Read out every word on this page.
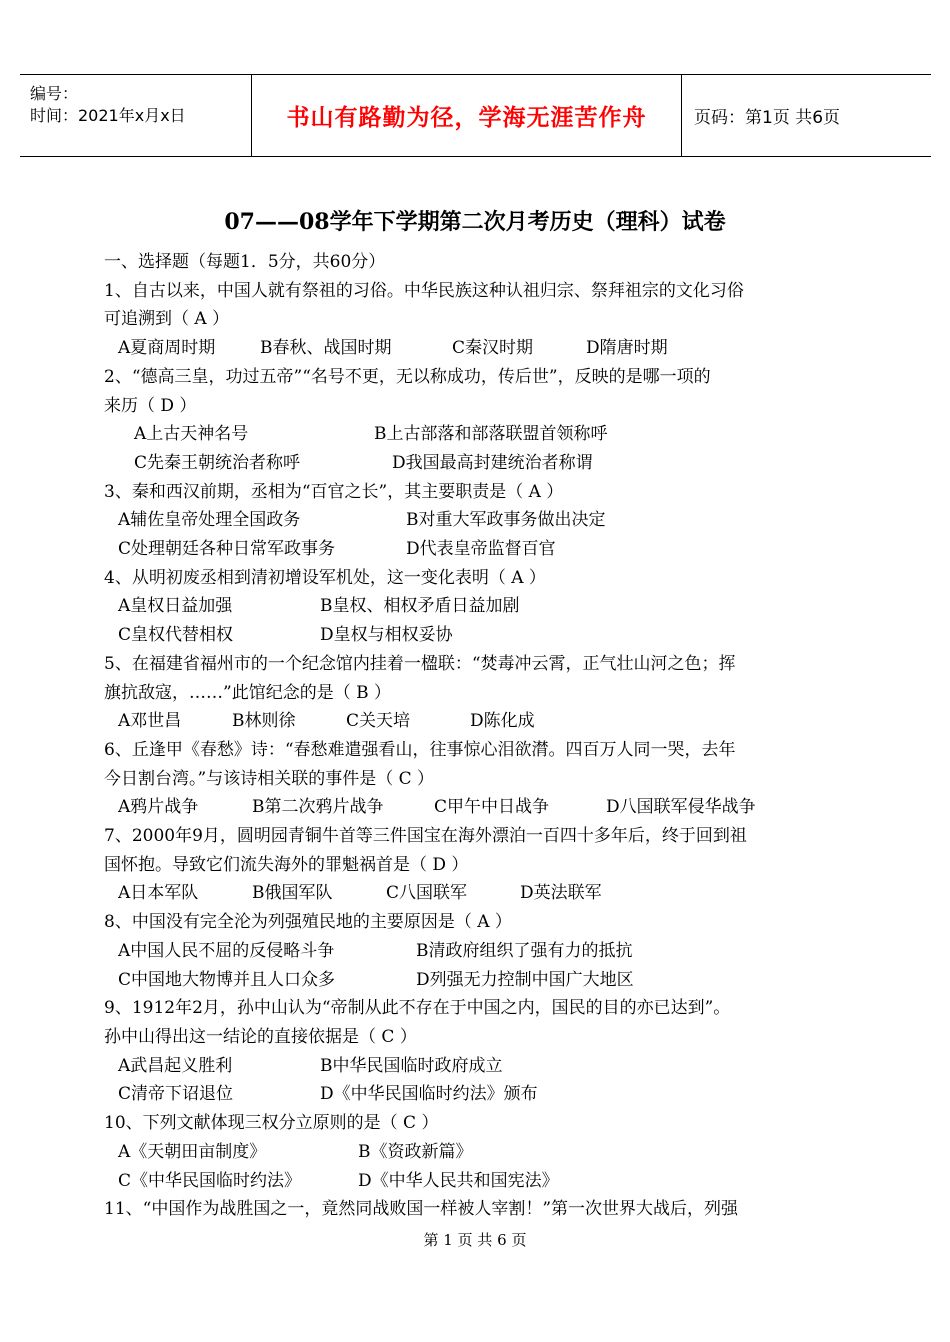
编号：
时间：2021年x月x日	书山有路勤为径，学海无涯苦作舟	页码：第1页 共6页
07——08学年下学期第二次月考历史（理科）试卷
一、选择题（每题1．5分，共60分）
1、自古以来，中国人就有祭祖的习俗。中华民族这种认祖归宗、祭拜祖宗的文化习俗
可追溯到（ A ）
A夏商周时期	B春秋、战国时期	C秦汉时期	D隋唐时期
2、“德高三皇，功过五帝”“名号不更，无以称成功，传后世”，反映的是哪一项的
来历（ D ）
A上古天神名号	B上古部落和部落联盟首领称呼
C先秦王朝统治者称呼	D我国最高封建统治者称谓
3、秦和西汉前期，丞相为“百官之长”，其主要职责是（ A ）
A辅佐皇帝处理全国政务	B对重大军政事务做出决定
C处理朝廷各种日常军政事务	D代表皇帝监督百官
4、从明初废丞相到清初增设军机处，这一变化表明（ A ）
A皇权日益加强	B皇权、相权矛盾日益加剧
C皇权代替相权	D皇权与相权妥协
5、在福建省福州市的一个纪念馆内挂着一楹联：“焚毒冲云霄，正气壮山河之色；挥
旗抗敌寇，……”此馆纪念的是（ B ）
A邓世昌	B林则徐	C关天培	D陈化成
6、丘逢甲《春愁》诗：“春愁难遣强看山，往事惊心泪欲潸。四百万人同一哭，去年
今日割台湾。”与该诗相关联的事件是（ C ）
A鸦片战争	B第二次鸦片战争	C甲午中日战争	D八国联军侵华战争
7、2000年9月，圆明园青铜牛首等三件国宝在海外漂泊一百四十多年后，终于回到祖
国怀抱。导致它们流失海外的罪魁祸首是（ D ）
A日本军队	B俄国军队	C八国联军	D英法联军
8、中国没有完全沦为列强殖民地的主要原因是（ A ）
A中国人民不屈的反侵略斗争	B清政府组织了强有力的抵抗
C中国地大物博并且人口众多	D列强无力控制中国广大地区
9、1912年2月，孙中山认为“帝制从此不存在于中国之内，国民的目的亦已达到”。
孙中山得出这一结论的直接依据是（ C ）
A武昌起义胜利	B中华民国临时政府成立
C清帝下诏退位	D《中华民国临时约法》颁布
10、下列文献体现三权分立原则的是（ C ）
A《天朝田亩制度》	B《资政新篇》
C《中华民国临时约法》	D《中华人民共和国宪法》
11、“中国作为战胜国之一，竟然同战败国一样被人宰割！”第一次世界大战后，列强
第 1 页 共 6 页
